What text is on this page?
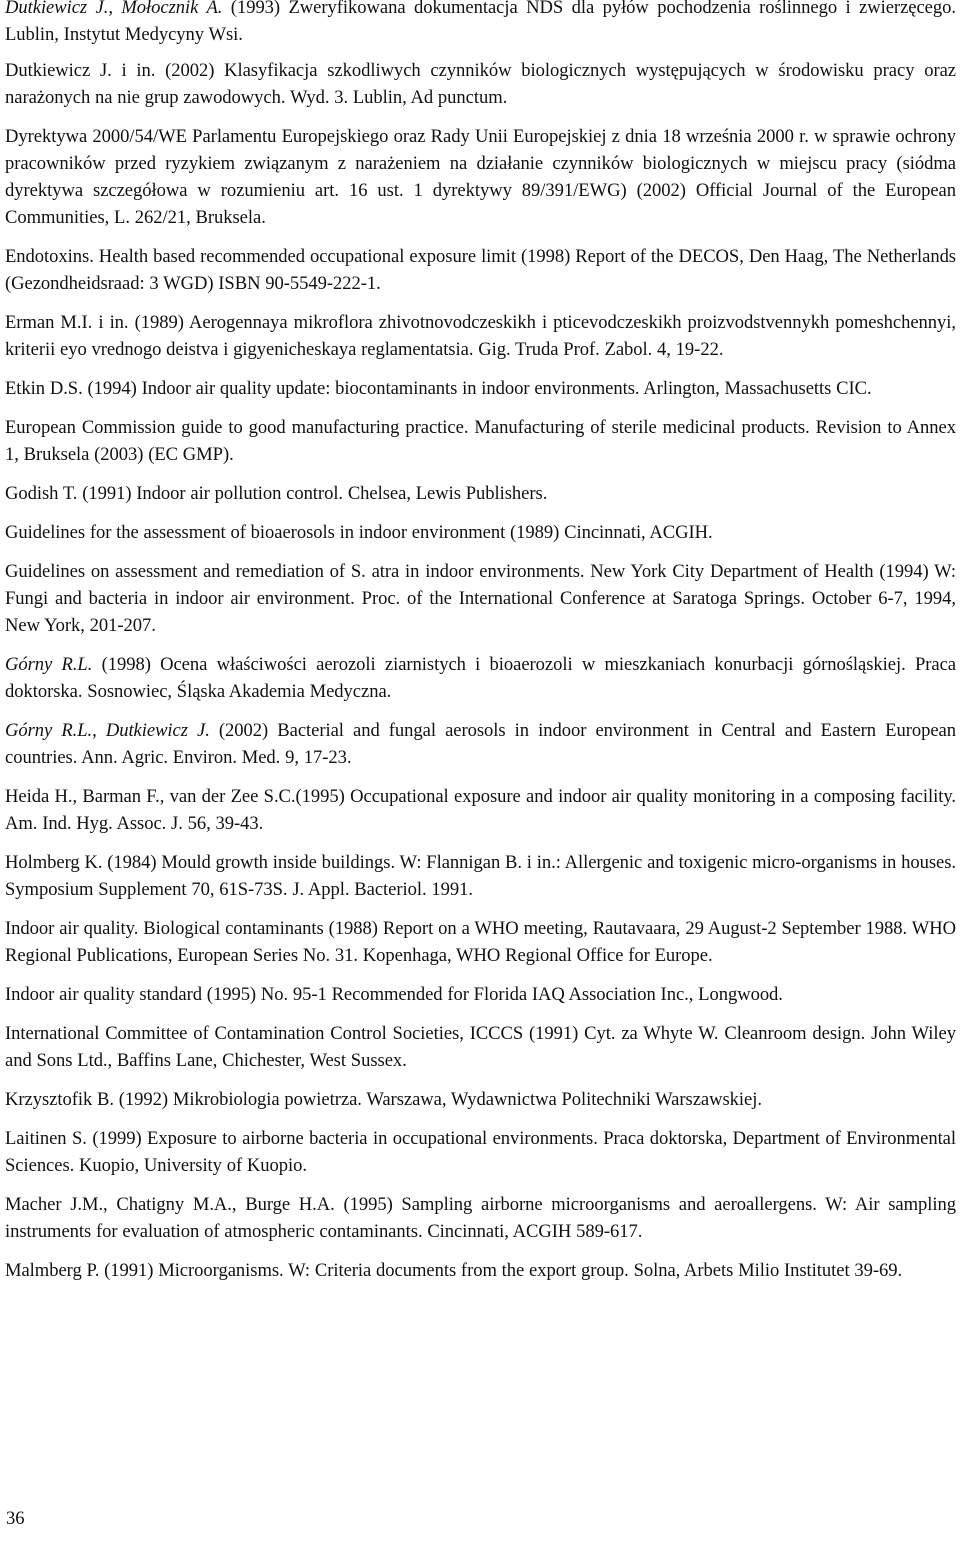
Dutkiewicz J., Mołocznik A. (1993) Zweryfikowana dokumentacja NDS dla pyłów pochodzenia roślinnego i zwierzęcego. Lublin, Instytut Medycyny Wsi.

Dutkiewicz J. i in. (2002) Klasyfikacja szkodliwych czynników biologicznych występujących w środowisku pracy oraz narażonych na nie grup zawodowych. Wyd. 3. Lublin, Ad punctum.

Dyrektywa 2000/54/WE Parlamentu Europejskiego oraz Rady Unii Europejskiej z dnia 18 września 2000 r. w sprawie ochrony pracowników przed ryzykiem związanym z narażeniem na działanie czynników biologicznych w miejscu pracy (siódma dyrektywa szczegółowa w rozumieniu art. 16 ust. 1 dyrektywy 89/391/EWG) (2002) Official Journal of the European Communities, L. 262/21, Bruksela.

Endotoxins. Health based recommended occupational exposure limit (1998) Report of the DECOS, Den Haag, The Netherlands (Gezondheidsraad: 3 WGD) ISBN 90-5549-222-1.

Erman M.I. i in. (1989) Aerogennaya mikroflora zhivotnovodczeskikh i pticevodczeskikh proizvodstvennykh pomeshchennyi, kriterii eyo vrednogo deistva i gigyenicheskaya reglamentatsia. Gig. Truda Prof. Zabol. 4, 19-22.

Etkin D.S. (1994) Indoor air quality update: biocontaminants in indoor environments. Arlington, Massachusetts CIC.

European Commission guide to good manufacturing practice. Manufacturing of sterile medicinal products. Revision to Annex 1, Bruksela (2003) (EC GMP).

Godish T. (1991) Indoor air pollution control. Chelsea, Lewis Publishers.

Guidelines for the assessment of bioaerosols in indoor environment (1989) Cincinnati, ACGIH.

Guidelines on assessment and remediation of S. atra in indoor environments. New York City Department of Health (1994) W: Fungi and bacteria in indoor air environment. Proc. of the International Conference at Saratoga Springs. October 6-7, 1994, New York, 201-207.

Górny R.L. (1998) Ocena właściwości aerozoli ziarnistych i bioaerozoli w mieszkaniach konurbacji górnośląskiej. Praca doktorska. Sosnowiec, Śląska Akademia Medyczna.

Górny R.L., Dutkiewicz J. (2002) Bacterial and fungal aerosols in indoor environment in Central and Eastern European countries. Ann. Agric. Environ. Med. 9, 17-23.

Heida H., Barman F., van der Zee S.C.(1995) Occupational exposure and indoor air quality monitoring in a composing facility. Am. Ind. Hyg. Assoc. J. 56, 39-43.

Holmberg K. (1984) Mould growth inside buildings. W: Flannigan B. i in.: Allergenic and toxigenic micro-organisms in houses. Symposium Supplement 70, 61S-73S. J. Appl. Bacteriol. 1991.

Indoor air quality. Biological contaminants (1988) Report on a WHO meeting, Rautavaara, 29 August-2 September 1988. WHO Regional Publications, European Series No. 31. Kopenhaga, WHO Regional Office for Europe.

Indoor air quality standard (1995) No. 95-1 Recommended for Florida IAQ Association Inc., Longwood.

International Committee of Contamination Control Societies, ICCCS (1991) Cyt. za Whyte W. Cleanroom design. John Wiley and Sons Ltd., Baffins Lane, Chichester, West Sussex.

Krzysztofik B. (1992) Mikrobiologia powietrza. Warszawa, Wydawnictwa Politechniki Warszawskiej.

Laitinen S. (1999) Exposure to airborne bacteria in occupational environments. Praca doktorska, Department of Environmental Sciences. Kuopio, University of Kuopio.

Macher J.M., Chatigny M.A., Burge H.A. (1995) Sampling airborne microorganisms and aeroallergens. W: Air sampling instruments for evaluation of atmospheric contaminants. Cincinnati, ACGIH 589-617.

Malmberg P. (1991) Microorganisms. W: Criteria documents from the export group. Solna, Arbets Milio Institutet 39-69.

36
